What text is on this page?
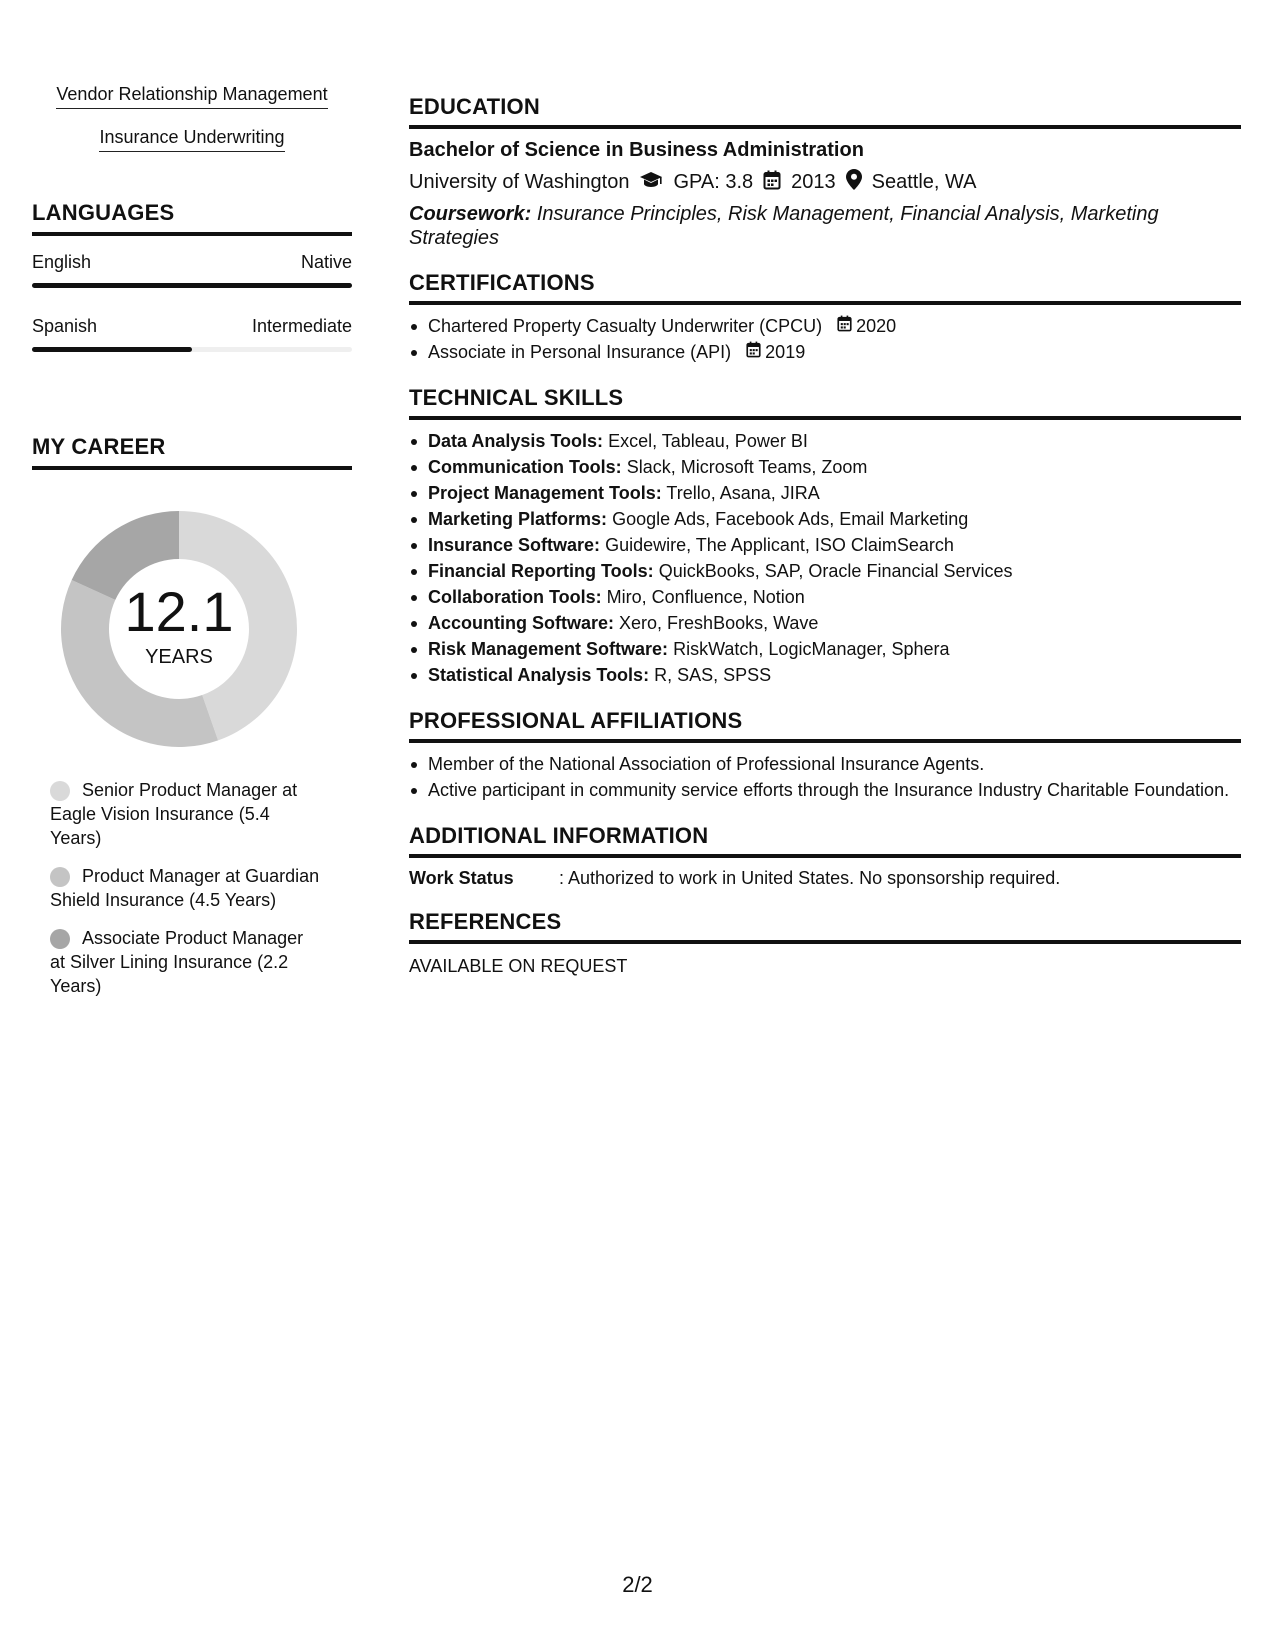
Vendor Relationship Management
Insurance Underwriting
LANGUAGES
English	Native
Spanish	Intermediate
MY CAREER
12.1
YEARS
Senior Product Manager at Eagle Vision Insurance (5.4 Years)
Product Manager at Guardian Shield Insurance (4.5 Years)
Associate Product Manager at Silver Lining Insurance (2.2 Years)
EDUCATION
Bachelor of Science in Business Administration
University of Washington GPA: 3.8 2013 Seattle, WA
Coursework: Insurance Principles, Risk Management, Financial Analysis, Marketing Strategies
CERTIFICATIONS
Chartered Property Casualty Underwriter (CPCU) 2020
Associate in Personal Insurance (API) 2019
TECHNICAL SKILLS
Data Analysis Tools: Excel, Tableau, Power BI
Communication Tools: Slack, Microsoft Teams, Zoom
Project Management Tools: Trello, Asana, JIRA
Marketing Platforms: Google Ads, Facebook Ads, Email Marketing
Insurance Software: Guidewire, The Applicant, ISO ClaimSearch
Financial Reporting Tools: QuickBooks, SAP, Oracle Financial Services
Collaboration Tools: Miro, Confluence, Notion
Accounting Software: Xero, FreshBooks, Wave
Risk Management Software: RiskWatch, LogicManager, Sphera
Statistical Analysis Tools: R, SAS, SPSS
PROFESSIONAL AFFILIATIONS
Member of the National Association of Professional Insurance Agents.
Active participant in community service efforts through the Insurance Industry Charitable Foundation.
ADDITIONAL INFORMATION
Work Status	: Authorized to work in United States. No sponsorship required.
REFERENCES
AVAILABLE ON REQUEST
2/2
